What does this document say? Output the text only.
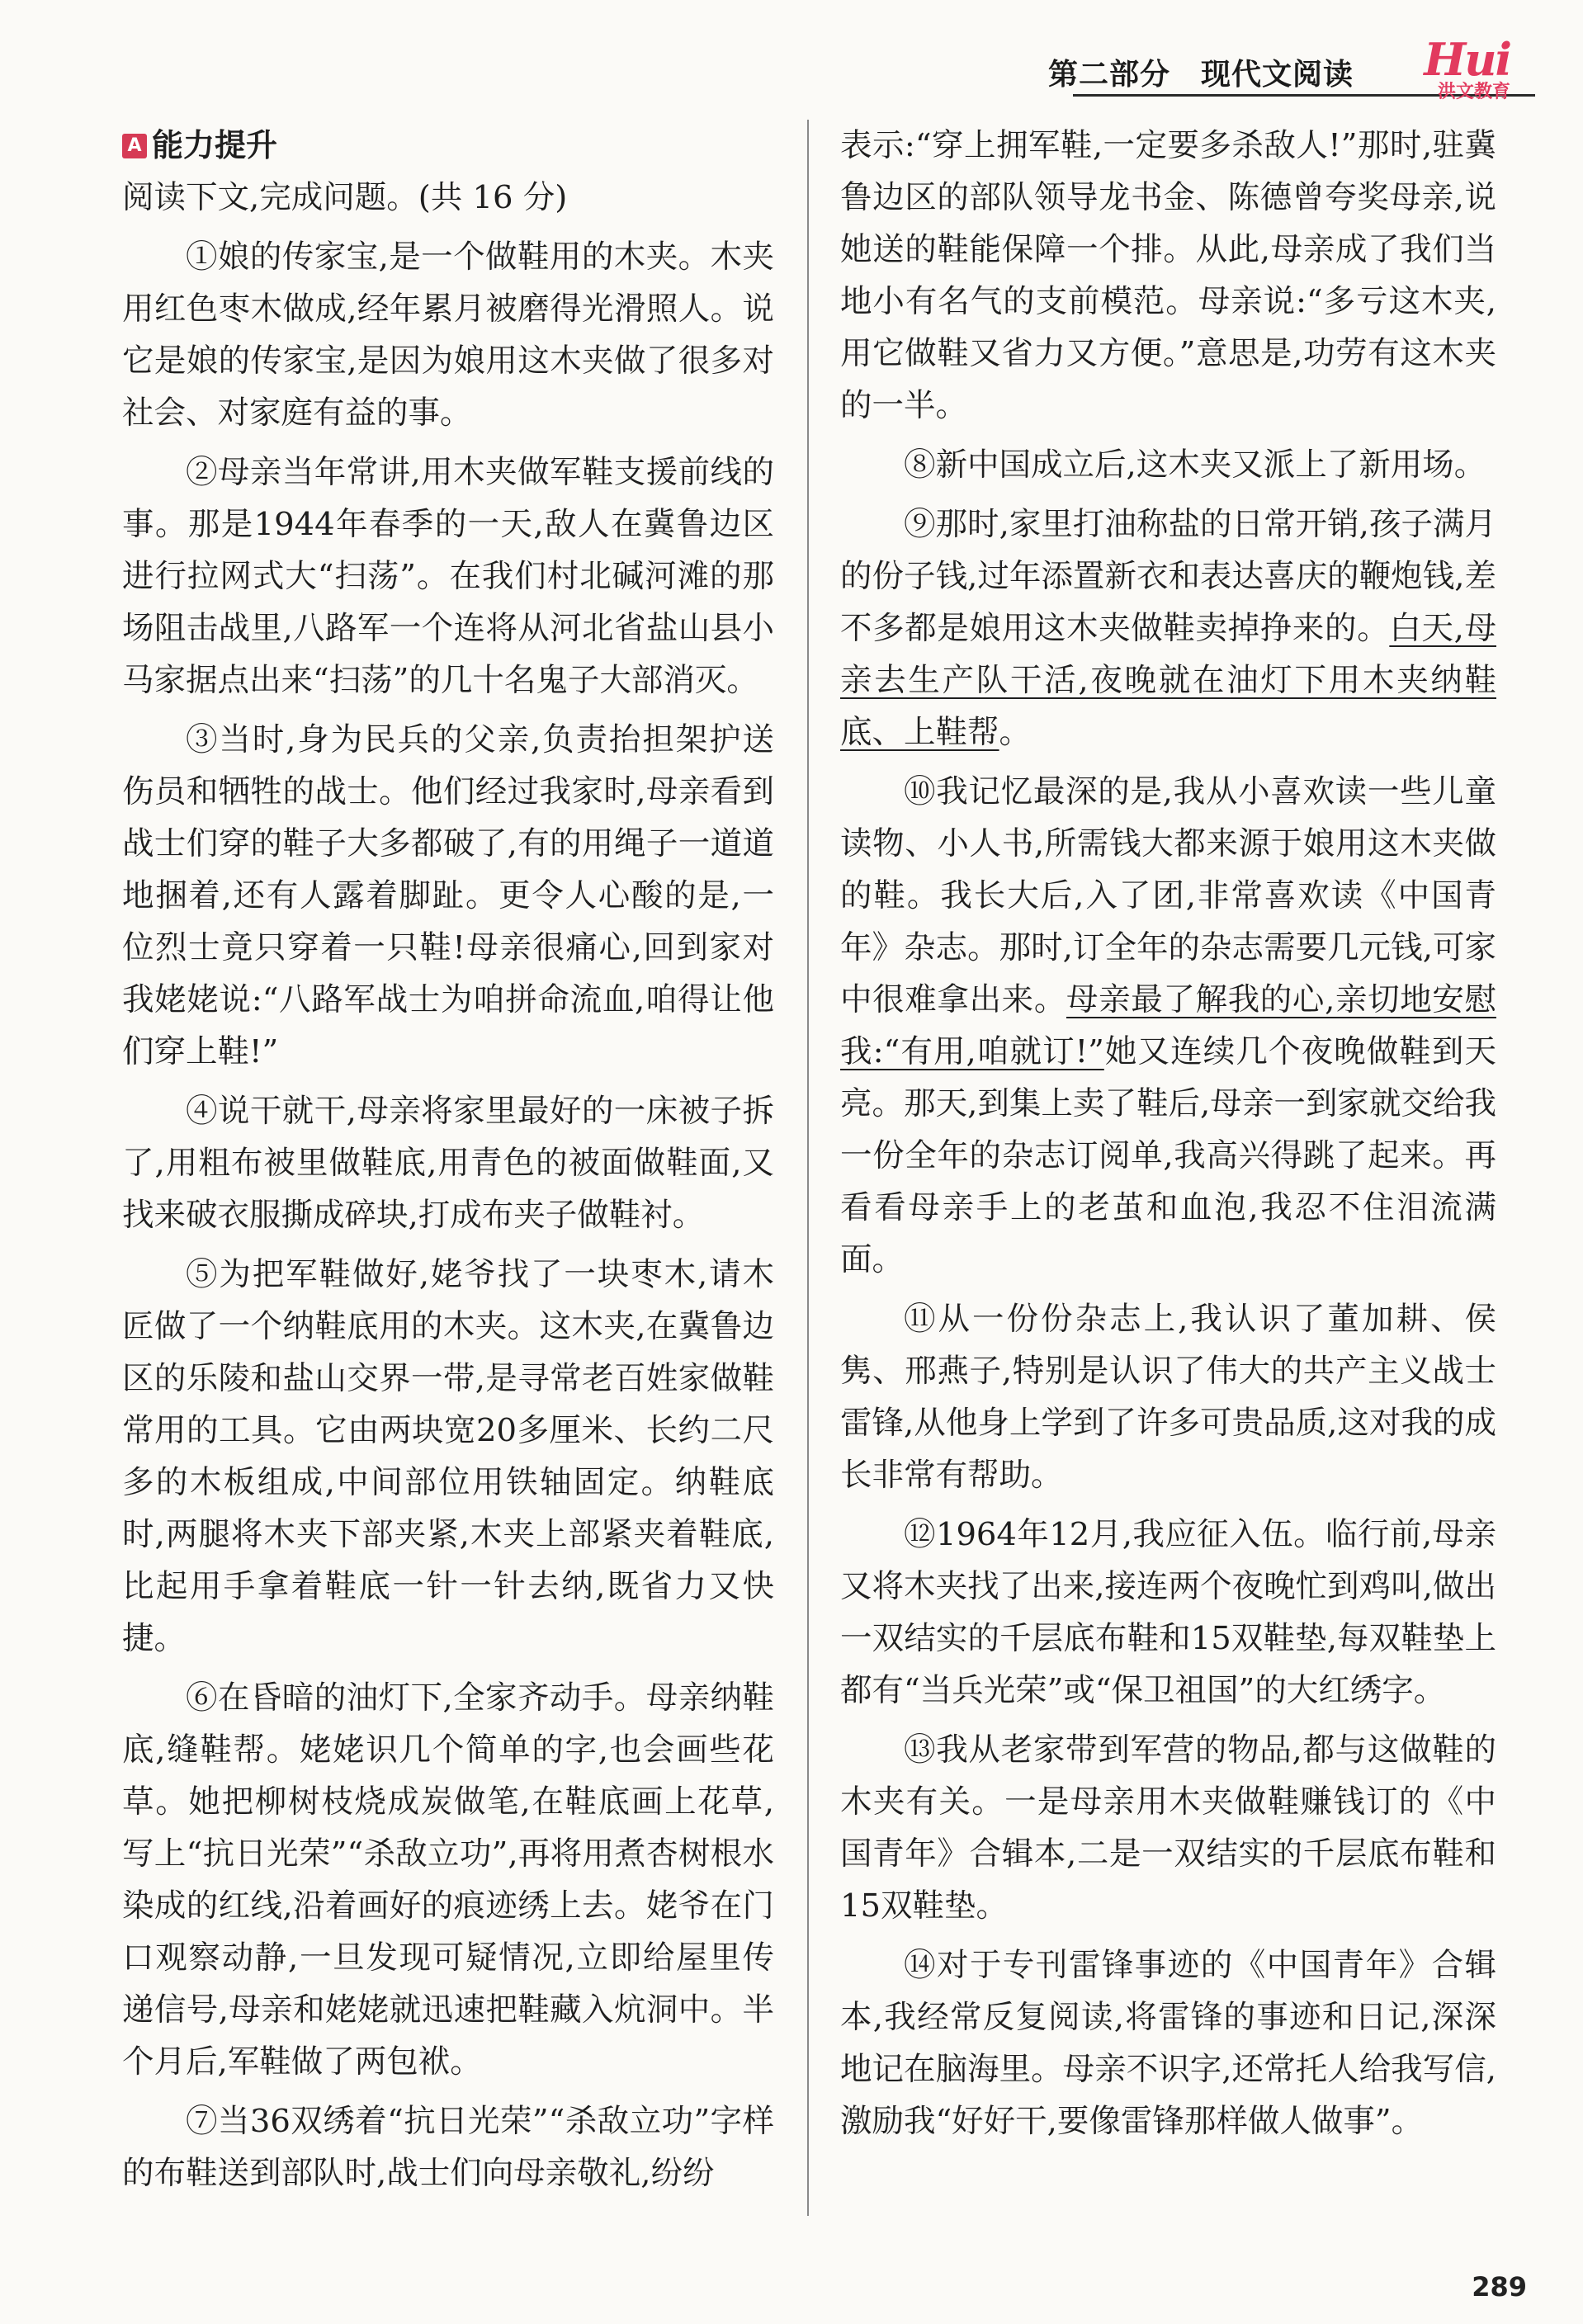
第二部分　现代文阅读 Hui
洪文教育
A 能力提升

阅读下文,完成问题。(共 16 分)

①娘的传家宝,是一个做鞋用的木夹。木夹用红色枣木做成,经年累月被磨得光滑照人。说它是娘的传家宝,是因为娘用这木夹做了很多对社会、对家庭有益的事。

②母亲当年常讲,用木夹做军鞋支援前线的事。那是1944年春季的一天,敌人在冀鲁边区进行拉网式大“扫荡”。在我们村北碱河滩的那场阻击战里,八路军一个连将从河北省盐山县小马家据点出来“扫荡”的几十名鬼子大部消灭。

③当时,身为民兵的父亲,负责抬担架护送伤员和牺牲的战士。他们经过我家时,母亲看到战士们穿的鞋子大多都破了,有的用绳子一道道地捆着,还有人露着脚趾。更令人心酸的是,一位烈士竟只穿着一只鞋!母亲很痛心,回到家对我姥姥说:“八路军战士为咱拼命流血,咱得让他们穿上鞋!”

④说干就干,母亲将家里最好的一床被子拆了,用粗布被里做鞋底,用青色的被面做鞋面,又找来破衣服撕成碎块,打成布夹子做鞋衬。

⑤为把军鞋做好,姥爷找了一块枣木,请木匠做了一个纳鞋底用的木夹。这木夹,在冀鲁边区的乐陵和盐山交界一带,是寻常老百姓家做鞋常用的工具。它由两块宽20多厘米、长约二尺多的木板组成,中间部位用铁轴固定。纳鞋底时,两腿将木夹下部夹紧,木夹上部紧夹着鞋底,比起用手拿着鞋底一针一针去纳,既省力又快捷。

⑥在昏暗的油灯下,全家齐动手。母亲纳鞋底,缝鞋帮。姥姥识几个简单的字,也会画些花草。她把柳树枝烧成炭做笔,在鞋底画上花草,写上“抗日光荣”“杀敌立功”,再将用煮杏树根水染成的红线,沿着画好的痕迹绣上去。姥爷在门口观察动静,一旦发现可疑情况,立即给屋里传递信号,母亲和姥姥就迅速把鞋藏入炕洞中。半个月后,军鞋做了两包袱。

⑦当36双绣着“抗日光荣”“杀敌立功”字样的布鞋送到部队时,战士们向母亲敬礼,纷纷

表示:“穿上拥军鞋,一定要多杀敌人!”那时,驻冀鲁边区的部队领导龙书金、陈德曾夸奖母亲,说她送的鞋能保障一个排。从此,母亲成了我们当地小有名气的支前模范。母亲说:“多亏这木夹,用它做鞋又省力又方便。”意思是,功劳有这木夹的一半。

⑧新中国成立后,这木夹又派上了新用场。

⑨那时,家里打油称盐的日常开销,孩子满月的份子钱,过年添置新衣和表达喜庆的鞭炮钱,差不多都是娘用这木夹做鞋卖掉挣来的。白天,母亲去生产队干活,夜晚就在油灯下用木夹纳鞋底、上鞋帮。

⑩我记忆最深的是,我从小喜欢读一些儿童读物、小人书,所需钱大都来源于娘用这木夹做的鞋。我长大后,入了团,非常喜欢读《中国青年》杂志。那时,订全年的杂志需要几元钱,可家中很难拿出来。母亲最了解我的心,亲切地安慰我:“有用,咱就订!”她又连续几个夜晚做鞋到天亮。那天,到集上卖了鞋后,母亲一到家就交给我一份全年的杂志订阅单,我高兴得跳了起来。再看看母亲手上的老茧和血泡,我忍不住泪流满面。

⑪从一份份杂志上,我认识了董加耕、侯隽、邢燕子,特别是认识了伟大的共产主义战士雷锋,从他身上学到了许多可贵品质,这对我的成长非常有帮助。

⑫1964年12月,我应征入伍。临行前,母亲又将木夹找了出来,接连两个夜晚忙到鸡叫,做出一双结实的千层底布鞋和15双鞋垫,每双鞋垫上都有“当兵光荣”或“保卫祖国”的大红绣字。

⑬我从老家带到军营的物品,都与这做鞋的木夹有关。一是母亲用木夹做鞋赚钱订的《中国青年》合辑本,二是一双结实的千层底布鞋和15双鞋垫。

⑭对于专刊雷锋事迹的《中国青年》合辑本,我经常反复阅读,将雷锋的事迹和日记,深深地记在脑海里。母亲不识字,还常托人给我写信,激励我“好好干,要像雷锋那样做人做事”。

289
